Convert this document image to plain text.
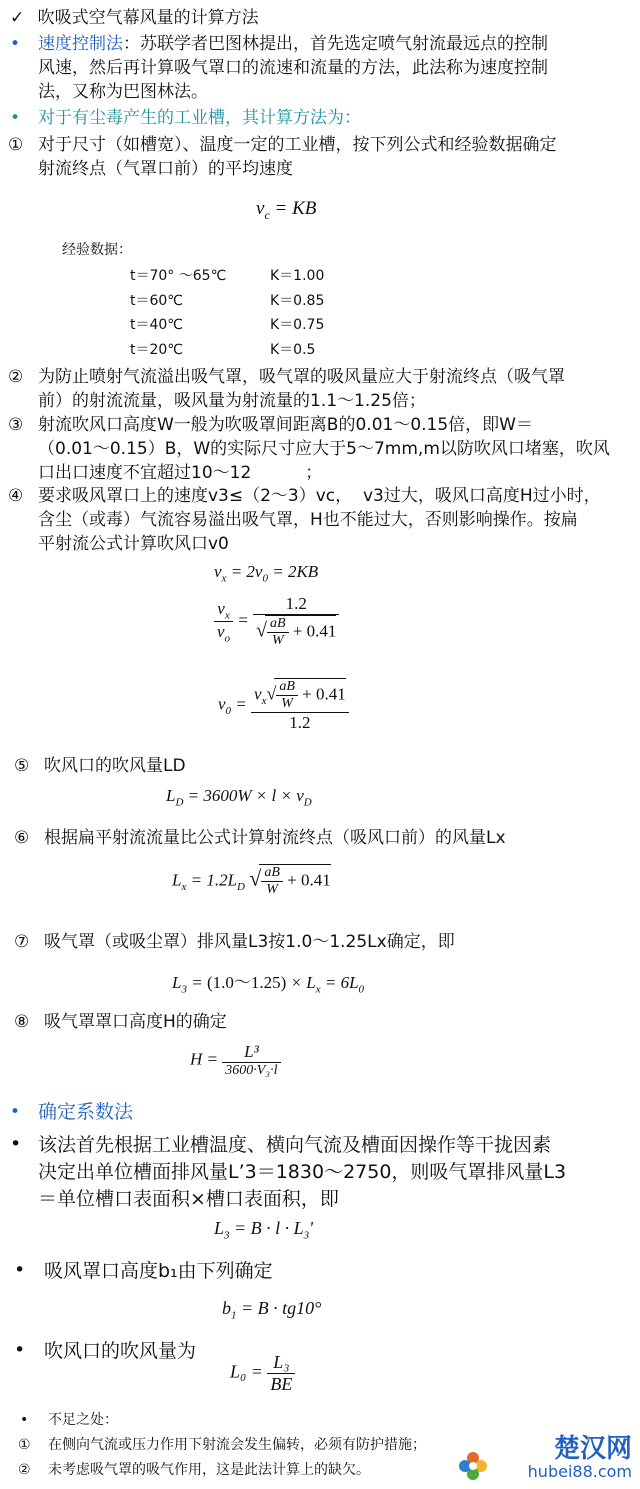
✓ 吹吸式空气幕风量的计算方法
• 速度控制法：苏联学者巴图林提出，首先选定喷气射流最远点的控制
风速，然后再计算吸气罩口的流速和流量的方法，此法称为速度控制
法，又称为巴图林法。
• 对于有尘毒产生的工业槽，其计算方法为：
① 对于尺寸（如槽宽）、温度一定的工业槽，按下列公式和经验数据确定
射流终点（气罩口前）的平均速度
$v_c$ = KB
经验数据：
t＝70° ～65℃	K＝1.00
t＝60℃	K＝0.85
t＝40℃	K＝0.75
t＝20℃	K＝0.5
② 为防止喷射气流溢出吸气罩，吸气罩的吸风量应大于射流终点（吸气罩
前）的射流流量，吸风量为射流量的1.1～1.25倍；
③ 射流吹风口高度W一般为吹吸罩间距离B的0.01～0.15倍，即W＝
（0.01～0.15）B，W的实际尺寸应大于5～7mm,m以防吹风口堵塞，吹风
口出口速度不宜超过10～12          ；
④ 要求吸风罩口上的速度v3≤（2～3）vc，  v3过大，吸风口高度H过小时，
含尘（或毒）气流容易溢出吸气罩，H也不能过大，否则影响操作。按扁
平射流公式计算吹风口v0
$v_x = 2v_0 = 2KB$
$\frac{v_x}{v_o} = \frac{1.2}{√ \frac{aB}{W} + 0.41}$
$v_0 = \frac{v_x√ \frac{aB}{W} + 0.41}{1.2}$
⑤ 吹风口的吹风量LD
$L_D = 3600W \times l \times v_D$
⑥ 根据扁平射流流量比公式计算射流终点（吸风口前）的风量Lx
$L_x = 1.2L_D$ √ $\frac{aB}{W} + 0.41$
⑦ 吸气罩（或吸尘罩）排风量L3按1.0～1.25Lx确定，即
$L_3$ = (1.0～1.25) × $L_x = 6L_0$
⑧ 吸气罩罩口高度H的确定
$H = \frac{\text{L³}}{\text{3600·V₃·l}}$
• 确定系数法
• 该法首先根据工业槽温度、横向气流及槽面因操作等干拢因素
决定出单位槽面排风量L’3＝1830～2750，则吸气罩排风量L3
＝单位槽口表面积×槽口表面积，即
$L_3 = B \cdot l \cdot L_3'$
• 吸风罩口高度b₁由下列确定
$b_1 = B \cdot tg10^\circ$
• 吹风口的吹风量为
$L_0 = \frac{\text{L₃}}{BE}$
• 不足之处：
① 在侧向气流或压力作用下射流会发生偏转，必须有防护措施；
② 未考虑吸气罩的吸气作用，这是此法计算上的缺欠。
楚汉网
hubei88.com
